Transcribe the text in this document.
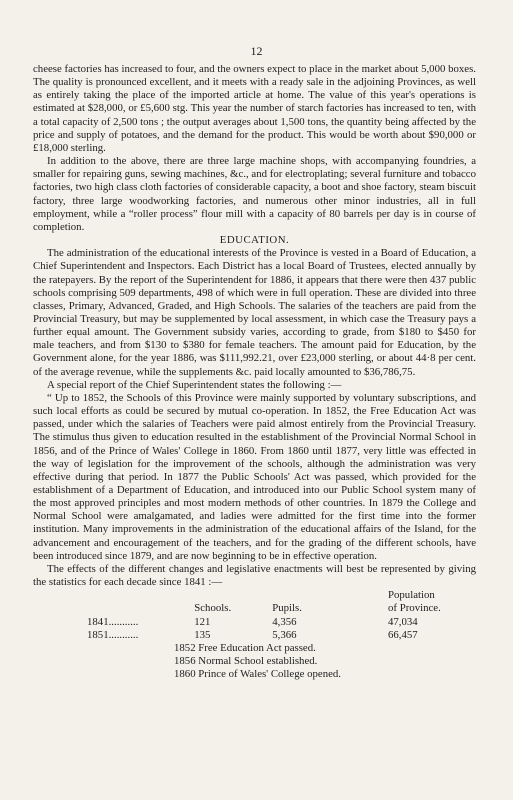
12

cheese factories has increased to four, and the owners expect to place in the market about 5,000 boxes. The quality is pronounced excellent, and it meets with a ready sale in the adjoining Provinces, as well as entirely taking the place of the imported article at home. The value of this year's operations is estimated at $28,000, or £5,600 stg. This year the number of starch factories has increased to ten, with a total capacity of 2,500 tons ; the output averages about 1,500 tons, the quantity being affected by the price and supply of potatoes, and the demand for the product. This would be worth about $90,000 or £18,000 sterling.

In addition to the above, there are three large machine shops, with accompanying foundries, a smaller for repairing guns, sewing machines, &c., and for electroplating; several furniture and tobacco factories, two high class cloth factories of considerable capacity, a boot and shoe factory, steam biscuit factory, three large woodworking factories, and numerous other minor industries, all in full employment, while a “roller process” flour mill with a capacity of 80 barrels per day is in course of completion.

EDUCATION.

The administration of the educational interests of the Province is vested in a Board of Education, a Chief Superintendent and Inspectors. Each District has a local Board of Trustees, elected annually by the ratepayers. By the report of the Superintendent for 1886, it appears that there were then 437 public schools comprising 509 departments, 498 of which were in full operation. These are divided into three classes, Primary, Advanced, Graded, and High Schools. The salaries of the teachers are paid from the Provincial Treasury, but may be supplemented by local assessment, in which case the Treasury pays a further equal amount. The Government subsidy varies, according to grade, from $180 to $450 for male teachers, and from $130 to $380 for female teachers. The amount paid for Education, by the Government alone, for the year 1886, was $111,992.21, over £23,000 sterling, or about 44·8 per cent. of the average revenue, while the supplements &c. paid locally amounted to $36,786,75.

A special report of the Chief Superintendent states the following :—

“ Up to 1852, the Schools of this Province were mainly supported by voluntary subscriptions, and such local efforts as could be secured by mutual co-operation. In 1852, the Free Education Act was passed, under which the salaries of Teachers were paid almost entirely from the Provincial Treasury. The stimulus thus given to education resulted in the establishment of the Provincial Normal School in 1856, and of the Prince of Wales' College in 1860. From 1860 until 1877, very little was effected in the way of legislation for the improvement of the schools, although the administration was very effective during that period. In 1877 the Public Schools' Act was passed, which provided for the establishment of a Department of Education, and introduced into our Public School system many of the most approved principles and most modern methods of other countries. In 1879 the College and Normal School were amalgamated, and ladies were admitted for the first time into the former institution. Many improvements in the administration of the educational affairs of the Island, for the advancement and encouragement of the teachers, and for the grading of the different schools, have been introduced since 1879, and are now beginning to be in effective operation.

The effects of the different changes and legislative enactments will best be represented by giving the statistics for each decade since 1841 :—

			Population
	Schools.	Pupils.	of Province.
1841...........	121	4,356	47,034
1851...........	135	5,366	66,457
1852 Free Education Act passed.
1856 Normal School established.
1860 Prince of Wales' College opened.
